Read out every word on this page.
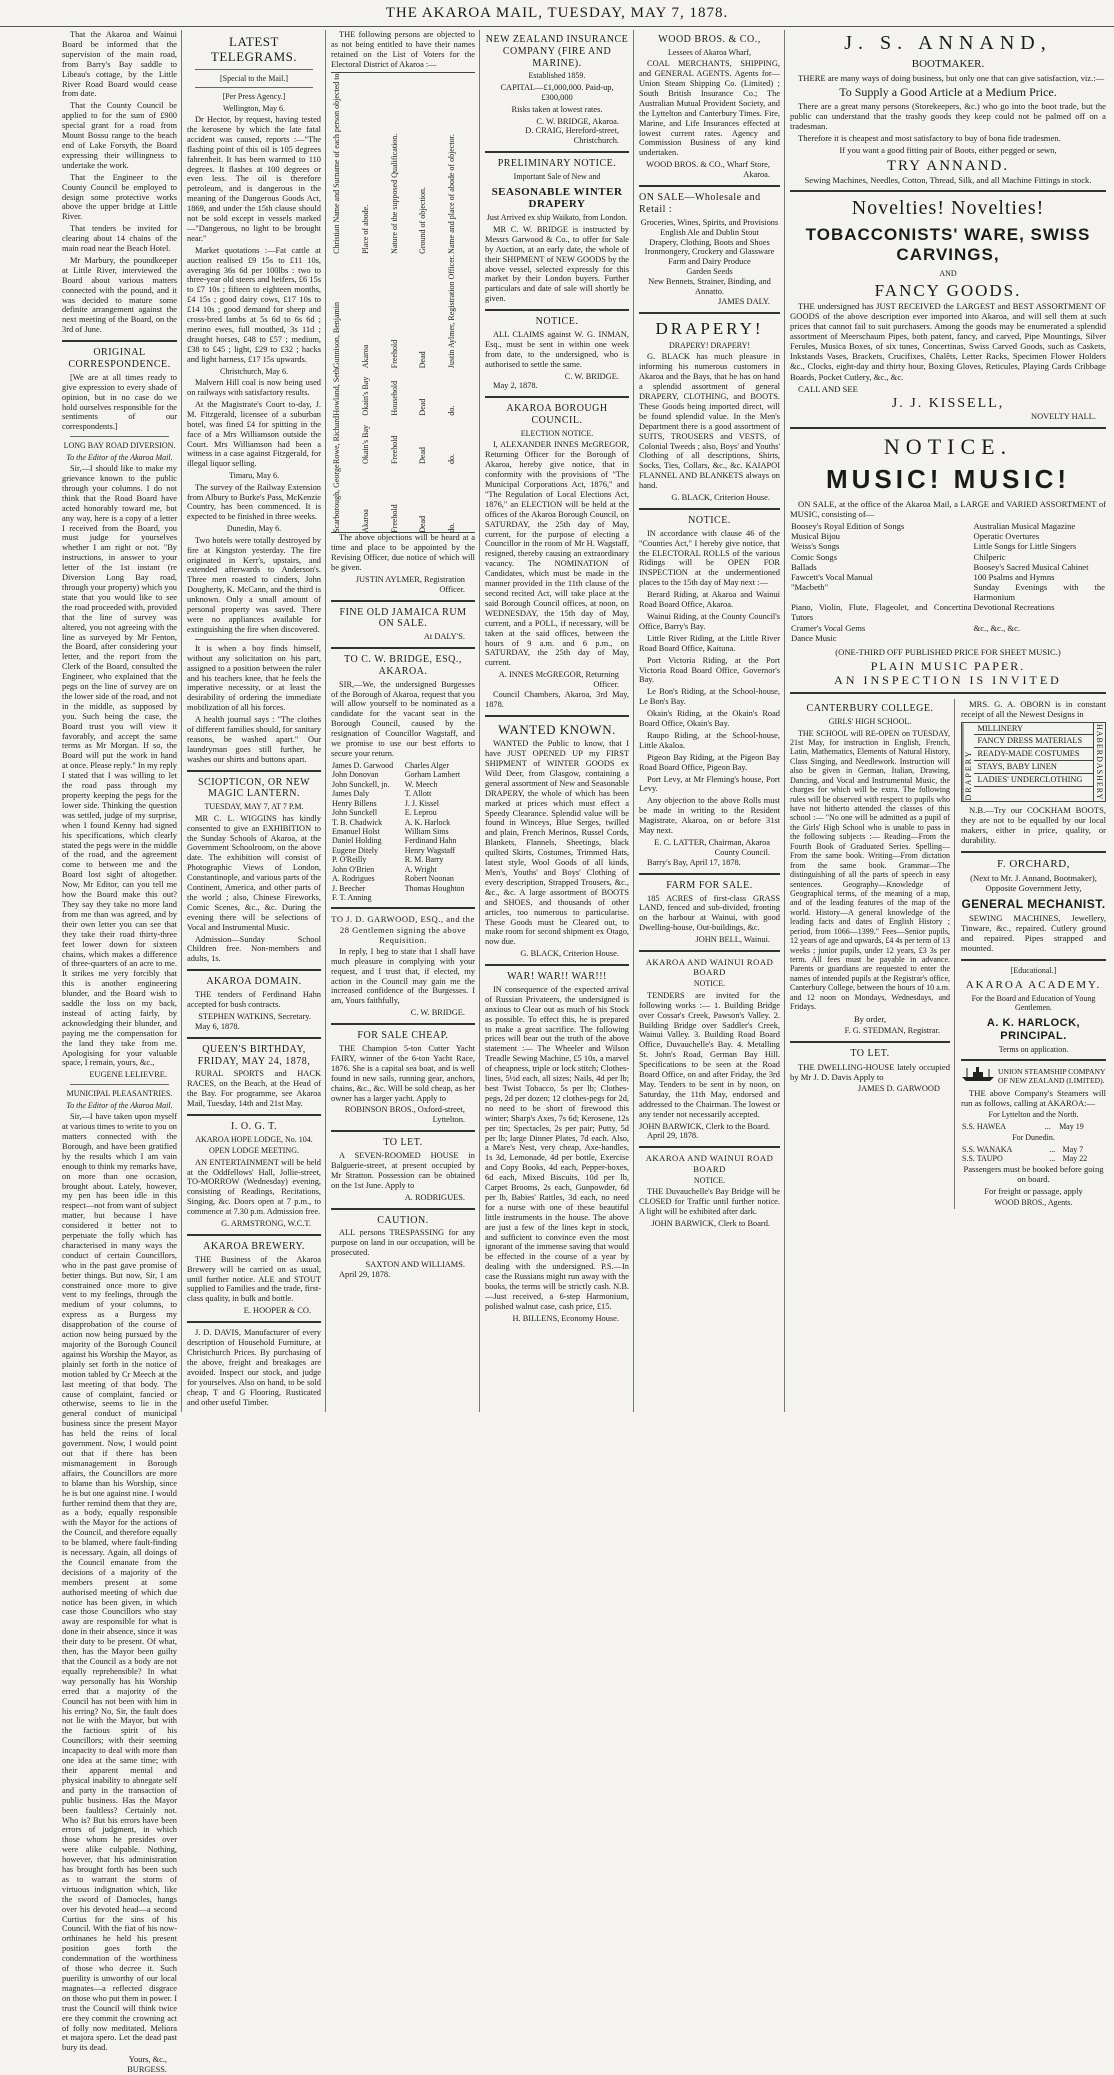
THE AKAROA MAIL, TUESDAY, MAY 7, 1878.

That the Akaroa and Wainui Board be informed that the supervision of the main road, from Barry's Bay saddle to Libeau's cottage, by the Little River Road Board would cease from date.

That the County Council be applied to for the sum of £900 special grant for a road from Mount Bossu range to the beach end of Lake Forsyth, the Board expressing their willingness to undertake the work.

That the Engineer to the County Council be employed to design some protective works above the upper bridge at Little River.

That tenders be invited for clearing about 14 chains of the main road near the Beach Hotel.

Mr Marbury, the poundkeeper at Little River, interviewed the Board about various matters connected with the pound, and it was decided to mature some definite arrangement against the next meeting of the Board, on the 3rd of June.

ORIGINAL CORRESPONDENCE.

[We are at all times ready to give expression to every shade of opinion, but in no case do we hold ourselves responsible for the sentiments of our correspondents.]

LONG BAY ROAD DIVERSION.
To the Editor of the Akaroa Mail.

Sir,—I should like to make my grievance known to the public through your columns. I do not think that the Road Board have acted honorably toward me, but any way, here is a copy of a letter I received from the Board, you must judge for yourselves whether I am right or not. "By instructions, in answer to your letter of the 1st instant (re Diversion Long Bay road, through your property) which you state that you would like to see the road proceeded with, provided that the line of survey was altered, you not agreeing with the line as surveyed by Mr Fenton, the Board, after considering your letter, and the report from the Clerk of the Board, consulted the Engineer, who explained that the pegs on the line of survey are on the lower side of the road, and not in the middle, as supposed by you. Such being the case, the Board trust you will view it favorably, and accept the same terms as Mr Morgan. If so, the Board will put the work in hand at once. Please reply." In my reply I stated that I was willing to let the road pass through my property keeping the pegs for the lower side. Thinking the question was settled, judge of my surprise, when I found Kenny had signed his specifications, which clearly stated the pegs were in the middle of the road, and the agreement come to between me and the Board lost sight of altogether. Now, Mr Editor, can you tell me how the Board make this out? They say they take no more land from me than was agreed, and by their own letter you can see that they take their road thirty-three feet lower down for sixteen chains, which makes a difference of three-quarters of an acre to me. It strikes me very forcibly that this is another engineering blunder, and the Board wish to saddle the loss on my back, instead of acting fairly, by acknowledging their blunder, and paying me the compensation for the land they take from me. Apologising for your valuable space, I remain, yours, &c.,

EUGENE LELIEVRE.
MUNICIPAL PLEASANTRIES.
To the Editor of the Akaroa Mail.

Sir,—I have taken upon myself at various times to write to you on matters connected with the Borough, and have been gratified by the results which I am vain enough to think my remarks have, on more than one occasion, brought about. Lately, however, my pen has been idle in this respect—not from want of subject matter, but because I have considered it better not to perpetuate the folly which has characterised in many ways the conduct of certain Councillors, who in the past gave promise of better things. But now, Sir, I am constrained once more to give vent to my feelings, through the medium of your columns, to express as a Burgess my disapprobation of the course of action now being pursued by the majority of the Borough Council against his Worship the Mayor, as plainly set forth in the notice of motion tabled by Cr Meech at the last meeting of that body. The cause of complaint, fancied or otherwise, seems to lie in the general conduct of municipal business since the present Mayor has held the reins of local government. Now, I would point out that if there has been mismanagement in Borough affairs, the Councillors are more to blame than his Worship, since he is but one against nine. I would further remind them that they are, as a body, equally responsible with the Mayor for the actions of the Council, and therefore equally to be blamed, where fault-finding is necessary. Again, all doings of the Council emanate from the decisions of a majority of the members present at some authorised meeting of which due notice has been given, in which case those Councillors who stay away are responsible for what is done in their absence, since it was their duty to be present. Of what, then, has the Mayor been guilty that the Council as a body are not equally reprehensible? In what way personally has his Worship erred that a majority of the Council has not been with him in his erring? No, Sir, the fault does not lie with the Mayor, but with the factious spirit of his Councillors; with their seeming incapacity to deal with more than one idea at the same time; with their apparent mental and physical inability to abnegate self and party in the transaction of public business. Has the Mayor been faultless? Certainly not. Who is? But his errors have been errors of judgment, in which those whom he presides over were alike culpable. Nothing, however, that his administration has brought forth has been such as to warrant the storm of virtuous indignation which, like the sword of Damocles, hangs over his devoted head—a second Curtius for the sins of his Council. With the fiat of his now-orthinanes he held his present position goes forth the condemnation of the worthiness of those who decree it. Such puerility is unworthy of our local magnates—a reflected disgrace on those who put them in power. I trust the Council will think twice ere they commit the crowning act of folly now meditated. Meliora et majora spero. Let the dead past bury its dead.

Yours, &c.,
BURGESS.
LATEST TELEGRAMS.
[Special to the Mail.]
[Per Press Agency.]
Wellington, May 6.

Dr Hector, by request, having tested the kerosene by which the late fatal accident was caused, reports :—"The flashing point of this oil is 105 degrees fahrenheit. It has been warmed to 110 degrees. It flashes at 100 degrees or even less. The oil is therefore petroleum, and is dangerous in the meaning of the Dangerous Goods Act, 1869, and under the 15th clause should not be sold except in vessels marked—"Dangerous, no light to be brought near."

Market quotations :—Fat cattle at auction realised £9 15s to £11 10s, averaging 36s 6d per 100lbs : two to three-year old steers and heifers, £6 15s to £7 10s ; fifteen to eighteen months, £4 15s ; good dairy cows, £17 10s to £14 10s ; good demand for sheep and cross-bred lambs at 5s 6d to 6s 6d ; merino ewes, full mouthed, 3s 11d ; draught horses, £48 to £57 ; medium, £38 to £45 ; light, £29 to £32 ; hacks and light harness, £17 15s upwards.

Christchurch, May 6.

Malvern Hill coal is now being used on railways with satisfactory results.

At the Magistrate's Court to-day, J. M. Fitzgerald, licensee of a suburban hotel, was fined £4 for spitting in the face of a Mrs Williamson outside the Court. Mrs Williamson had been a witness in a case against Fitzgerald, for illegal liquor selling.

Timaru, May 6.

The survey of the Railway Extension from Albury to Burke's Pass, McKenzie Country, has been commenced. It is expected to be finished in three weeks.

Dunedin, May 6.

Two hotels were totally destroyed by fire at Kingston yesterday. The fire originated in Kerr's, upstairs, and extended afterwards to Anderson's. Three men roasted to cinders, John Dougherty, K. McCann, and the third is unknown. Only a small amount of personal property was saved. There were no appliances available for extinguishing the fire when discovered.

It is when a boy finds himself, without any solicitation on his part, assigned to a position between the ruler and his teachers knee, that he feels the imperative necessity, or at least the desirability of ordering the immediate mobilization of all his forces.

A health journal says : "The clothes of different families should, for sanitary reasons, be washed apart." Our laundryman goes still further, he washes our shirts and buttons apart.

SCIOPTICON, OR NEW MAGIC LANTERN.
TUESDAY, MAY 7, AT 7 P.M.

MR C. L. WIGGINS has kindly consented to give an EXHIBITION to the Sunday Schools of Akaroa, at the Government Schoolroom, on the above date. The exhibition will consist of Photographic Views of London, Constantinople, and various parts of the Continent, America, and other parts of the world ; also, Chinese Fireworks, Comic Scenes, &c., &c. During the evening there will be selections of Vocal and Instrumental Music.

Admission—Sunday School Children free. Non-members and adults, 1s.

AKAROA DOMAIN.

THE tenders of Ferdinand Hahn accepted for bush contracts.

STEPHEN WATKINS, Secretary.

May 6, 1878.

QUEEN'S BIRTHDAY, FRIDAY, MAY 24, 1878,

RURAL SPORTS and HACK RACES, on the Beach, at the Head of the Bay. For programme, see Akaroa Mail, Tuesday, 14th and 21st May.

I. O. G. T.
AKAROA HOPE LODGE, No. 104.
OPEN LODGE MEETING.

AN ENTERTAINMENT will be held at the Oddfellows' Hall, Jollie-street, TO-MORROW (Wednesday) evening, consisting of Readings, Recitations, Singing, &c. Doors open at 7 p.m., to commence at 7.30 p.m. Admission free.

G. ARMSTRONG, W.C.T.
AKAROA BREWERY.

THE Business of the Akaroa Brewery will be carried on as usual, until further notice. ALE and STOUT supplied to Families and the trade, first-class quality, in bulk and bottle.

E. HOOPER & CO.

J. D. DAVIS, Manufacturer of every description of Household Furniture, at Christchurch Prices. By purchasing of the above, freight and breakages are avoided. Inspect our stock, and judge for yourselves. Also on hand, to be sold cheap, T and G Flooring, Rusticated and other useful Timber.

THE following persons are objected to as not being entitled to have their names retained on the List of Voters for the Electoral District of Akaroa :—

Christian Name and Surname of each person objected to.	Place of abode.	Nature of the supposed Qualification.	Ground of objection.	Name and place of abode of objector.
Gunnison, Benjamin	Akaroa	Freehold	Dead	Justin Aylmer, Registration Officer.
Howland, Seth	Okain's Bay	Household	Dead	do.
Rowe, Richard	Okain's Bay	Freehold	Dead	do.
Scarborough, George	Akaroa	Freehold	Dead	do.

The above objections will be heard at a time and place to be appointed by the Revising Officer, due notice of which will be given.

JUSTIN AYLMER, Registration Officer.
FINE OLD JAMAICA RUM ON SALE.
At DALY'S.
TO C. W. BRIDGE, ESQ., AKAROA.

SIR,—We, the undersigned Burgesses of the Borough of Akaroa, request that you will allow yourself to be nominated as a candidate for the vacant seat in the Borough Council, caused by the resignation of Councillor Wagstaff, and we promise to use our best efforts to secure your return.

James D. Garwood	Charles Alger
John Donovan	Gorham Lambert
John Sunckell, jn.	W. Meech
James Daly	T. Allott
Henry Billens	J. J. Kissel
John Sunckell	E. Leprou
T. B. Chadwick	A. K. Harlock
Emanuel Holst	William Sims
Daniel Holding	Ferdinand Hahn
Eugene Ditely	Henry Wagstaff
P. O'Reilly	R. M. Barry
John O'Brien	A. Wright
A. Rodrigues	Robert Noonan
J. Beecher	Thomas Houghton
F. T. Anning	
TO J. D. GARWOOD, ESQ., and the 28 Gentlemen signing the above Requisition.

In reply, I beg to state that I shall have much pleasure in complying with your request, and I trust that, if elected, my action in the Council may gain me the increased confidence of the Burgesses. I am, Yours faithfully,

C. W. BRIDGE.
FOR SALE CHEAP.

THE Champion 5-ton Cutter Yacht FAIRY, winner of the 6-ton Yacht Race, 1876. She is a capital sea boat, and is well found in new sails, running gear, anchors, chains, &c., &c. Will be sold cheap, as her owner has a larger yacht. Apply to

ROBINSON BROS., Oxford-street, Lyttelton.
TO LET.

A SEVEN-ROOMED HOUSE in Balguerie-street, at present occupied by Mr Stratton. Possession can be obtained on the 1st June. Apply to

A. RODRIGUES.
CAUTION.

ALL persons TRESPASSING for any purpose on land in our occupation, will be prosecuted.

SAXTON AND WILLIAMS.

April 29, 1878.

NEW ZEALAND INSURANCE COMPANY (FIRE AND MARINE).
Established 1859.

CAPITAL—£1,000,000. Paid-up, £300,000

Risks taken at lowest rates.

C. W. BRIDGE, Akaroa.
D. CRAIG, Hereford-street, Christchurch.
PRELIMINARY NOTICE.
Important Sale of New and
SEASONABLE WINTER DRAPERY
Just Arrived ex ship Waikato, from London.

MR C. W. BRIDGE is instructed by Messrs Garwood & Co., to offer for Sale by Auction, at an early date, the whole of their SHIPMENT of NEW GOODS by the above vessel, selected expressly for this market by their London buyers. Further particulars and date of sale will shortly be given.

NOTICE.

ALL CLAIMS against W. G. INMAN, Esq., must be sent in within one week from date, to the undersigned, who is authorised to settle the same.

C. W. BRIDGE.

May 2, 1878.

AKAROA BOROUGH COUNCIL.
ELECTION NOTICE.

I, ALEXANDER INNES McGREGOR, Returning Officer for the Borough of Akaroa, hereby give notice, that in conformity with the provisions of "The Municipal Corporations Act, 1876," and "The Regulation of Local Elections Act, 1876," an ELECTION will be held at the offices of the Akaroa Borough Council, on SATURDAY, the 25th day of May, current, for the purpose of electing a Councillor in the room of Mr H. Wagstaff, resigned, thereby causing an extraordinary vacancy. The NOMINATION of Candidates, which must be made in the manner provided in the 11th clause of the second recited Act, will take place at the said Borough Council offices, at noon, on WEDNESDAY, the 15th day of May, current, and a POLL, if necessary, will be taken at the said offices, between the hours of 9 a.m. and 6 p.m., on SATURDAY, the 25th day of May, current.

A. INNES McGREGOR, Returning Officer.

Council Chambers, Akaroa, 3rd May, 1878.

WANTED KNOWN.

WANTED the Public to know, that I have JUST OPENED UP my FIRST SHIPMENT of WINTER GOODS ex Wild Deer, from Glasgow, containing a general assortment of New and Seasonable DRAPERY, the whole of which has been marked at prices which must effect a Speedy Clearance. Splendid value will be found in Winceys, Blue Serges, twilled and plain, French Merinos, Russel Cords, Blankets, Flannels, Sheetings, black quilted Skirts, Costumes, Trimmed Hats, latest style, Wool Goods of all kinds, Men's, Youths' and Boys' Clothing of every description, Strapped Trousers, &c., &c., &c. A large assortment of BOOTS and SHOES, and thousands of other articles, too numerous to particularise. These Goods must be Cleared out, to make room for second shipment ex Otago, now due.

G. BLACK, Criterion House.
WAR! WAR!! WAR!!!

IN consequence of the expected arrival of Russian Privateers, the undersigned is anxious to Clear out as much of his Stock as possible. To effect this, he is prepared to make a great sacrifice. The following prices will bear out the truth of the above statement :— The Wheeler and Wilson Treadle Sewing Machine, £5 10s, a marvel of cheapness, triple or lock stitch; Clothes-lines, 5½d each, all sizes; Nails, 4d per lb; best Twist Tobacco, 5s per lb; Clothes-pegs, 2d per dozen; 12 clothes-pegs for 2d, no need to be short of firewood this winter; Sharp's Axes, 7s 6d; Kerosene, 12s per tin; Spectacles, 2s per pair; Putty, 5d per lb; large Dinner Plates, 7d each. Also, a Mare's Nest, very cheap, Axe-handles, 1s 3d, Lemonade, 4d per bottle, Exercise and Copy Books, 4d each, Pepper-boxes, 6d each, Mixed Biscuits, 10d per lb, Carpet Brooms, 2s each, Gunpowder, 6d per lb, Babies' Rattles, 3d each, no need for a nurse with one of these beautiful little instruments in the house. The above are just a few of the lines kept in stock, and sufficient to convince even the most ignorant of the immense saving that would be effected in the course of a year by dealing with the undersigned. P.S.—In case the Russians might run away with the books, the terms will be strictly cash. N.B.—Just received, a 6-step Harmonium, polished walnut case, cash price, £15.

H. BILLENS, Economy House.
WOOD BROS. & CO.,
Lessees of Akaroa Wharf,

COAL MERCHANTS, SHIPPING, and GENERAL AGENTS. Agents for—Union Steam Shipping Co. (Limited) ; South British Insurance Co.; The Australian Mutual Provident Society, and the Lyttelton and Canterbury Times. Fire, Marine, and Life Insurances effected at lowest current rates. Agency and Commission Business of any kind undertaken.

WOOD BROS. & CO., Wharf Store, Akaroa.
ON SALE—Wholesale and Retail :
Groceries, Wines, Spirits, and Provisions
English Ale and Dublin Stout
Drapery, Clothing, Boots and Shoes
Ironmongery, Crockery and Glassware
Farm and Dairy Produce
Garden Seeds
New Bennets, Strainer, Binding, and Annatto.
JAMES DALY.
DRAPERY!
DRAPERY! DRAPERY!

G. BLACK has much pleasure in informing his numerous customers in Akaroa and the Bays, that he has on hand a splendid assortment of general DRAPERY, CLOTHING, and BOOTS. These Goods being imported direct, will be found splendid value. In the Men's Department there is a good assortment of SUITS, TROUSERS and VESTS, of Colonial Tweeds ; also, Boys' and Youths' Clothing of all descriptions, Shirts, Socks, Ties, Collars, &c., &c. KAIAPOI FLANNEL AND BLANKETS always on hand.

G. BLACK, Criterion House.
NOTICE.

IN accordance with clause 46 of the "Counties Act," I hereby give notice, that the ELECTORAL ROLLS of the various Ridings will be OPEN FOR INSPECTION at the undermentioned places to the 15th day of May next :—

Berard Riding, at Akaroa and Wainui Road Board Office, Akaroa.

Wainui Riding, at the County Council's Office, Barry's Bay.

Little River Riding, at the Little River Road Board Office, Kaituna.

Port Victoria Riding, at the Port Victoria Road Board Office, Governor's Bay.

Le Bon's Riding, at the School-house, Le Bon's Bay.

Okain's Riding, at the Okain's Road Board Office, Okain's Bay.

Raupo Riding, at the School-house, Little Akaloa.

Pigeon Bay Riding, at the Pigeon Bay Road Board Office, Pigeon Bay.

Port Levy, at Mr Fleming's house, Port Levy.

Any objection to the above Rolls must be made in writing to the Resident Magistrate, Akaroa, on or before 31st May next.

E. C. LATTER, Chairman, Akaroa County Council.

Barry's Bay, April 17, 1878.

FARM FOR SALE.

185 ACRES of first-class GRASS LAND, fenced and sub-divided, fronting on the harbour at Wainui, with good Dwelling-house, Out-buildings, &c.

JOHN BELL, Wainui.
AKAROA AND WAINUI ROAD BOARD
NOTICE.

TENDERS are invited for the following works :— 1. Building Bridge over Cossar's Creek, Pawson's Valley. 2. Building Bridge over Saddler's Creek, Wainui Valley. 3. Building Road Board Office, Duvauchelle's Bay. 4. Metalling St. John's Road, German Bay Hill. Specifications to be seen at the Road Board Office, on and after Friday, the 3rd May. Tenders to be sent in by noon, on Saturday, the 11th May, endorsed and addressed to the Chairman. The lowest or any tender not necessarily accepted.

JOHN BARWICK, Clerk to the Board.

April 29, 1878.

AKAROA AND WAINUI ROAD BOARD
NOTICE.

THE Duvauchelle's Bay Bridge will be CLOSED for Traffic until further notice. A light will be exhibited after dark.

JOHN BARWICK, Clerk to Board.
J. S. ANNAND,
BOOTMAKER.

THERE are many ways of doing business, but only one that can give satisfaction, viz.:—

To Supply a Good Article at a Medium Price.

There are a great many persons (Storekeepers, &c.) who go into the boot trade, but the public can understand that the trashy goods they keep could not be palmed off on a tradesman.

Therefore it is cheapest and most satisfactory to buy of bona fide tradesmen.

If you want a good fitting pair of Boots, either pegged or sewn,

TRY ANNAND.

Sewing Machines, Needles, Cotton, Thread, Silk, and all Machine Fittings in stock.

Novelties! Novelties!
TOBACCONISTS' WARE, SWISS CARVINGS,
AND
FANCY GOODS.

THE undersigned has JUST RECEIVED the LARGEST and BEST ASSORTMENT OF GOODS of the above description ever imported into Akaroa, and will sell them at such prices that cannot fail to suit purchasers. Among the goods may be enumerated a splendid assortment of Meerschaum Pipes, both patent, fancy, and carved, Pipe Mountings, Silver Ferules, Musica Boxes, of six tunes, Concertinas, Swiss Carved Goods, such as Caskets, Inkstands Vases, Brackets, Crucifixes, Chalêts, Letter Racks, Specimen Flower Holders &c., Clocks, eight-day and thirty hour, Boxing Gloves, Reticules, Playing Cards Cribbage Boards, Pocket Cutlery, &c., &c.

CALL AND SEE

J. J. KISSELL,
NOVELTY HALL.
NOTICE.
MUSIC! MUSIC!

ON SALE, at the office of the Akaroa Mail, a LARGE and VARIED ASSORTMENT of MUSIC, consisting of—

Boosey's Royal Edition of Songs	Australian Musical Magazine
Musical Bijou	Operatic Overtures
Weiss's Songs	Little Songs for Little Singers
Comic Songs	Chilperic
Ballads	Boosey's Sacred Musical Cabinet
Fawcett's Vocal Manual	100 Psalms and Hymns
"Macbeth"	Sunday Evenings with the Harmonium
Piano, Violin, Flute, Flageolet, and Concertina Tutors	Devotional Recreations
Cramer's Vocal Gems	&c., &c., &c.
Dance Music	

(ONE-THIRD OFF PUBLISHED PRICE FOR SHEET MUSIC.)

PLAIN MUSIC PAPER.
AN INSPECTION IS INVITED
CANTERBURY COLLEGE.
GIRLS' HIGH SCHOOL.

THE SCHOOL will RE-OPEN on TUESDAY, 21st May, for instruction in English, French, Latin, Mathematics, Elements of Natural History, Class Singing, and Needlework. Instruction will also be given in German, Italian, Drawing, Dancing, and Vocal and Instrumental Music, the charges for which will be extra. The following rules will be observed with respect to pupils who have not hitherto attended the classes of this school :— "No one will be admitted as a pupil of the Girls' High School who is unable to pass in the following subjects :— Reading—From the Fourth Book of Graduated Series. Spelling—From the same book. Writing—From dictation from the same book. Grammar—The distinguishing of all the parts of speech in easy sentences. Geography—Knowledge of Geographical terms, of the meaning of a map, and of the leading features of the map of the world. History—A general knowledge of the leading facts and dates of English History ; period, from 1066—1399." Fees—Senior pupils, 12 years of age and upwards, £4 4s per term of 13 weeks ; junior pupils, under 12 years, £3 3s per term. All fees must be payable in advance. Parents or guardians are requested to enter the names of intended pupils at the Registrar's office, Canterbury College, between the hours of 10 a.m. and 12 noon on Mondays, Wednesdays, and Fridays.

By order,

F. G. STEDMAN, Registrar.
TO LET.

THE DWELLING-HOUSE lately occupied by Mr J. D. Davis Apply to

JAMES D. GARWOOD

MRS. G. A. OBORN is in constant receipt of all the Newest Designs in

DRAPERY
MILLINERY
FANCY DRESS MATERIALS
READY-MADE COSTUMES
STAYS, BABY LINEN
LADIES' UNDERCLOTHING	HABERDASHERY

N.B.—Try our COCKHAM BOOTS, they are not to be equalled by our local makers, either in price, quality, or durability.

F. ORCHARD,

(Next to Mr. J. Annand, Bootmaker), Opposite Government Jetty,

GENERAL MECHANIST.

SEWING MACHINES, Jewellery, Tinware, &c., repaired. Cutlery ground and repaired. Pipes strapped and mounted.

[Educational.]
AKAROA ACADEMY.
For the Board and Education of Young Gentlemen.
A. K. HARLOCK, PRINCIPAL.
Terms on application.
UNION STEAMSHIP COMPANY OF NEW ZEALAND (LIMITED).

THE above Company's Steamers will run as follows, calling at AKAROA:—

For Lyttelton and the North.
S.S. HAWEA	...	May 19
For Dunedin.
S.S. WANAKA	...	May 7
S.S. TAUPO	...	May 22

Passengers must be booked before going on board.

For freight or passage, apply

WOOD BROS., Agents.
